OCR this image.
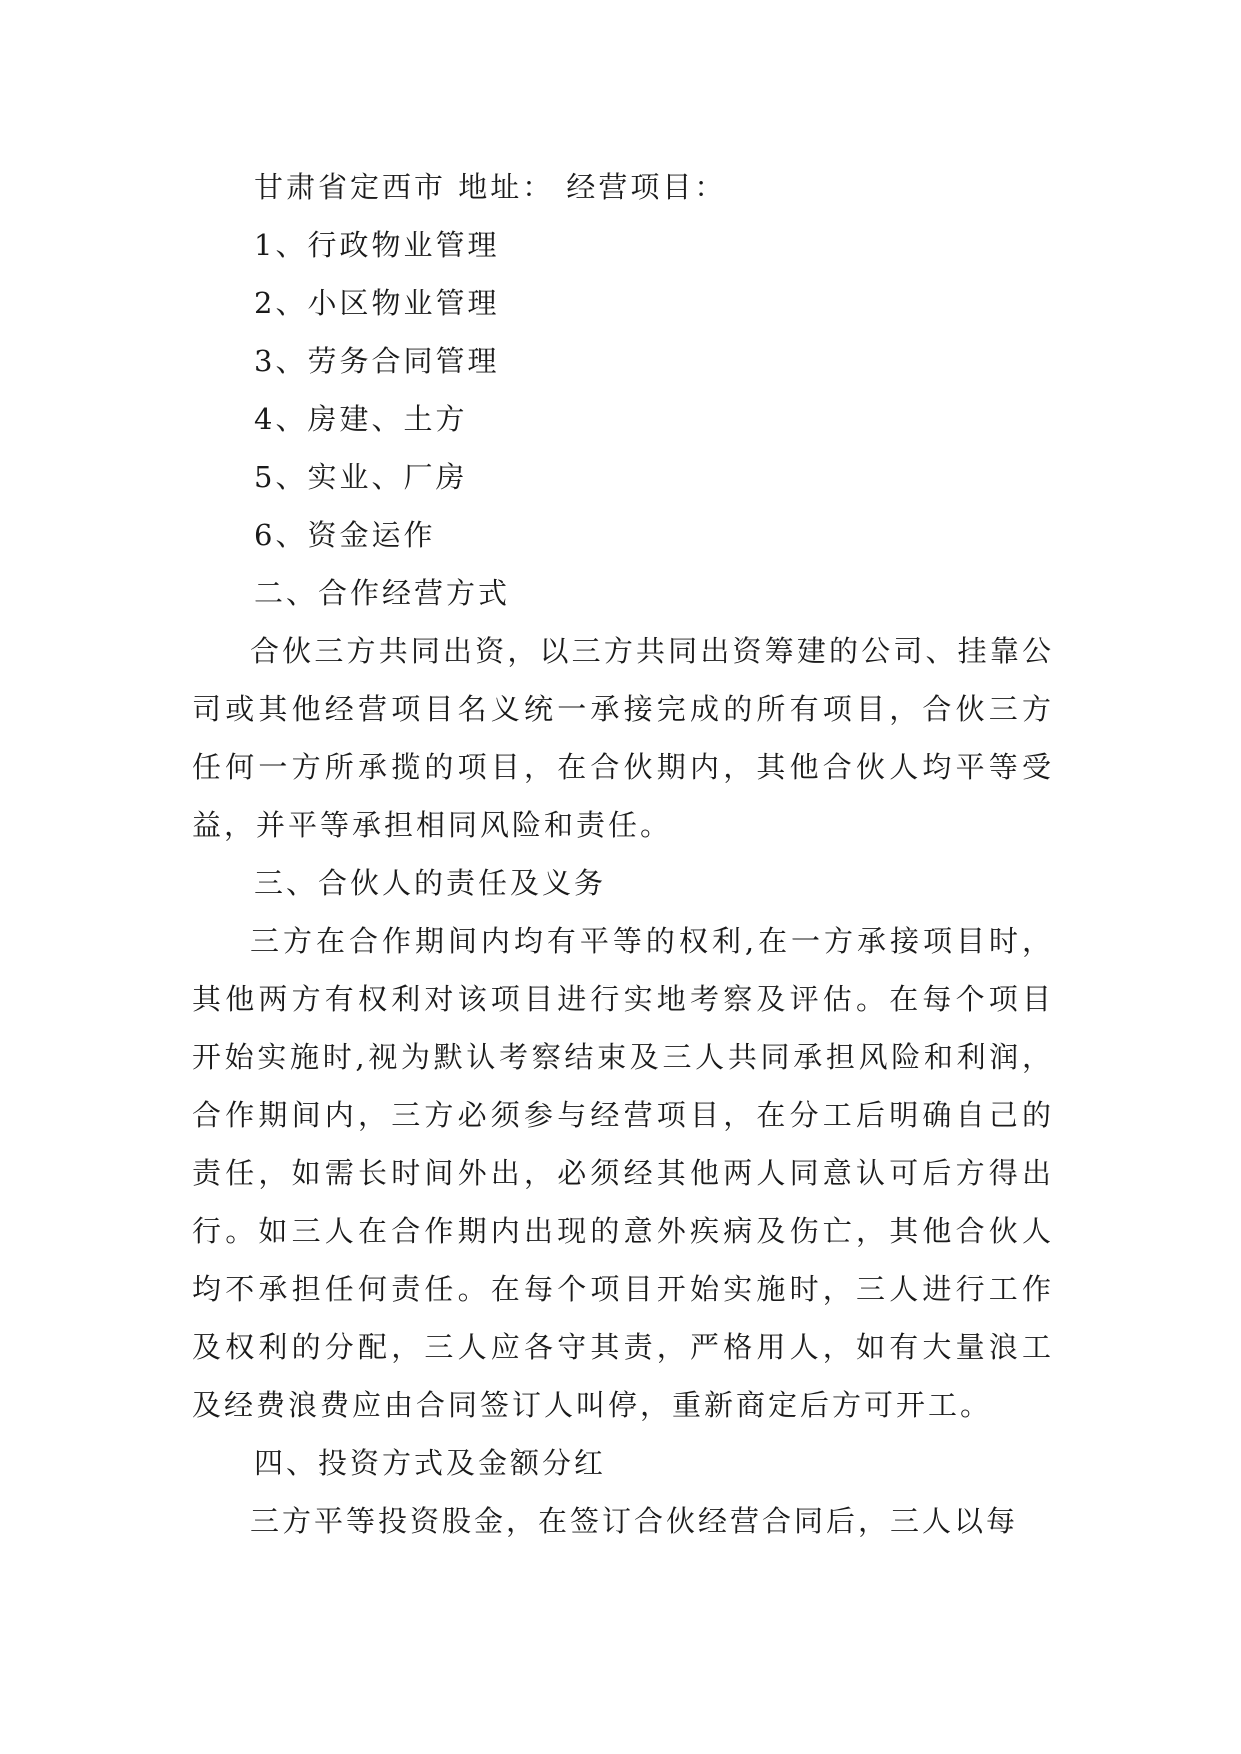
甘肃省定西市 地址： 经营项目：

1、行政物业管理

2、小区物业管理

3、劳务合同管理

4、房建、土方

5、实业、厂房

6、资金运作

二、合作经营方式

合伙三方共同出资，以三方共同出资筹建的公司、挂靠公司或其他经营项目名义统一承接完成的所有项目，合伙三方任何一方所承揽的项目，在合伙期内，其他合伙人均平等受益，并平等承担相同风险和责任。

三、合伙人的责任及义务

三方在合作期间内均有平等的权利,在一方承接项目时，其他两方有权利对该项目进行实地考察及评估。在每个项目开始实施时,视为默认考察结束及三人共同承担风险和利润，合作期间内，三方必须参与经营项目，在分工后明确自己的责任，如需长时间外出，必须经其他两人同意认可后方得出行。如三人在合作期内出现的意外疾病及伤亡，其他合伙人均不承担任何责任。在每个项目开始实施时，三人进行工作及权利的分配，三人应各守其责，严格用人，如有大量浪工及经费浪费应由合同签订人叫停，重新商定后方可开工。

四、投资方式及金额分红

三方平等投资股金，在签订合伙经营合同后，三人以每
